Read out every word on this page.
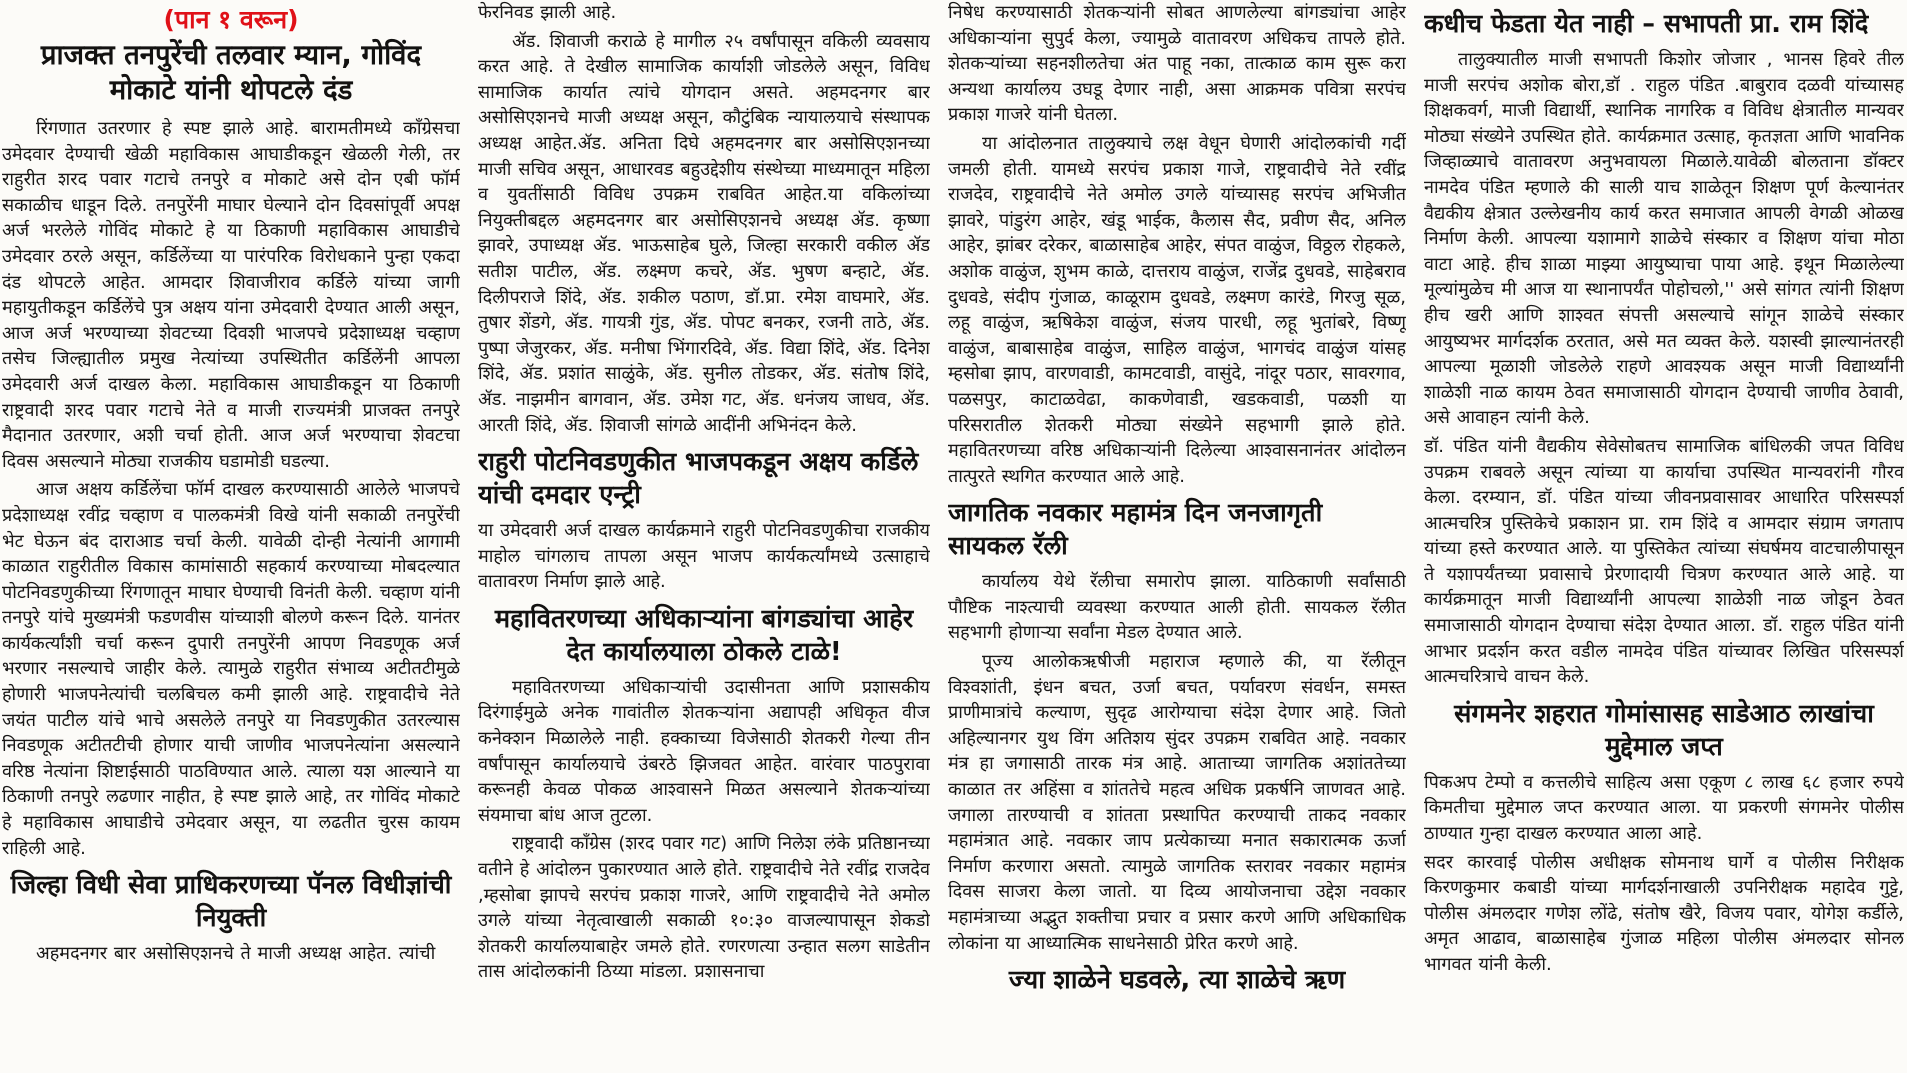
(पान १ वरून)
प्राजक्त तनपुरेंची तलवार म्यान, गोविंद मोकाटे यांनी थोपटले दंड

रिंगणात उतरणार हे स्पष्ट झाले आहे. बारामतीमध्ये काँग्रेसचा उमेदवार देण्याची खेळी महाविकास आघाडीकडून खेळली गेली, तर राहुरीत शरद पवार गटाचे तनपुरे व मोकाटे असे दोन एबी फॉर्म सकाळीच धाडून दिले. तनपुरेंनी माघार घेल्याने दोन दिवसांपूर्वी अपक्ष अर्ज भरलेले गोविंद मोकाटे हे या ठिकाणी महाविकास आघाडीचे उमेदवार ठरले असून, कर्डिलेंच्या या पारंपरिक विरोधकाने पुन्हा एकदा दंड थोपटले आहेत. आमदार शिवाजीराव कर्डिले यांच्या जागी महायुतीकडून कर्डिलेंचे पुत्र अक्षय यांना उमेदवारी देण्यात आली असून, आज अर्ज भरण्याच्या शेवटच्या दिवशी भाजपचे प्रदेशाध्यक्ष चव्हाण तसेच जिल्ह्यातील प्रमुख नेत्यांच्या उपस्थितीत कर्डिलेंनी आपला उमेदवारी अर्ज दाखल केला. महाविकास आघाडीकडून या ठिकाणी राष्ट्रवादी शरद पवार गटाचे नेते व माजी राज्यमंत्री प्राजक्त तनपुरे मैदानात उतरणार, अशी चर्चा होती. आज अर्ज भरण्याचा शेवटचा दिवस असल्याने मोठ्या राजकीय घडामोडी घडल्या.

आज अक्षय कर्डिलेंचा फॉर्म दाखल करण्यासाठी आलेले भाजपचे प्रदेशाध्यक्ष रवींद्र चव्हाण व पालकमंत्री विखे यांनी सकाळी तनपुरेंची भेट घेऊन बंद दाराआड चर्चा केली. यावेळी दोन्ही नेत्यांनी आगामी काळात राहुरीतील विकास कामांसाठी सहकार्य करण्याच्या मोबदल्यात पोटनिवडणुकीच्या रिंगणातून माघार घेण्याची विनंती केली. चव्हाण यांनी तनपुरे यांचे मुख्यमंत्री फडणवीस यांच्याशी बोलणे करून दिले. यानंतर कार्यकर्त्यांशी चर्चा करून दुपारी तनपुरेंनी आपण निवडणूक अर्ज भरणार नसल्याचे जाहीर केले. त्यामुळे राहुरीत संभाव्य अटीतटीमुळे होणारी भाजपनेत्यांची चलबिचल कमी झाली आहे. राष्ट्रवादीचे नेते जयंत पाटील यांचे भाचे असलेले तनपुरे या निवडणुकीत उतरल्यास निवडणूक अटीतटीची होणार याची जाणीव भाजपनेत्यांना असल्याने वरिष्ठ नेत्यांना शिष्टाईसाठी पाठविण्यात आले. त्याला यश आल्याने या ठिकाणी तनपुरे लढणार नाहीत, हे स्पष्ट झाले आहे, तर गोविंद मोकाटे हे महाविकास आघाडीचे उमेदवार असून, या लढतीत चुरस कायम राहिली आहे.

जिल्हा विधी सेवा प्राधिकरणच्या पॅनल विधीज्ञांची नियुक्ती

अहमदनगर बार असोसिएशनचे ते माजी अध्यक्ष आहेत. त्यांची

फेरनिवड झाली आहे.

ॲड. शिवाजी कराळे हे मागील २५ वर्षांपासून वकिली व्यवसाय करत आहे. ते देखील सामाजिक कार्याशी जोडलेले असून, विविध सामाजिक कार्यात त्यांचे योगदान असते. अहमदनगर बार असोसिएशनचे माजी अध्यक्ष असून, कौटुंबिक न्यायालयाचे संस्थापक अध्यक्ष आहेत.ॲड. अनिता दिघे अहमदनगर बार असोसिएशनच्या माजी सचिव असून, आधारवड बहुउद्देशीय संस्थेच्या माध्यमातून महिला व युवतींसाठी विविध उपक्रम राबवित आहेत.या वकिलांच्या नियुक्तीबद्दल अहमदनगर बार असोसिएशनचे अध्यक्ष ॲड. कृष्णा झावरे, उपाध्यक्ष ॲड. भाऊसाहेब घुले, जिल्हा सरकारी वकील ॲड सतीश पाटील, ॲड. लक्ष्मण कचरे, ॲड. भुषण बन्हाटे, ॲड. दिलीपराजे शिंदे, ॲड. शकील पठाण, डॉ.प्रा. रमेश वाघमारे, ॲड. तुषार शेंडगे, ॲड. गायत्री गुंड, ॲड. पोपट बनकर, रजनी ताठे, ॲड. पुष्पा जेजुरकर, ॲड. मनीषा भिंगारदिवे, ॲड. विद्या शिंदे, ॲड. दिनेश शिंदे, ॲड. प्रशांत साळुंके, ॲड. सुनील तोडकर, ॲड. संतोष शिंदे, ॲड. नाझमीन बागवान, ॲड. उमेश गट, ॲड. धनंजय जाधव, ॲड. आरती शिंदे, ॲड. शिवाजी सांगळे आदींनी अभिनंदन केले.

राहुरी पोटनिवडणुकीत भाजपकडून अक्षय कर्डिले यांची दमदार एन्ट्री

या उमेदवारी अर्ज दाखल कार्यक्रमाने राहुरी पोटनिवडणुकीचा राजकीय माहोल चांगलाच तापला असून भाजप कार्यकर्त्यांमध्ये उत्साहाचे वातावरण निर्माण झाले आहे.

महावितरणच्या अधिकाऱ्यांना बांगड्यांचा आहेर देत कार्यालयाला ठोकले टाळे!

महावितरणच्या अधिकाऱ्यांची उदासीनता आणि प्रशासकीय दिरंगाईमुळे अनेक गावांतील शेतकऱ्यांना अद्यापही अधिकृत वीज कनेक्शन मिळालेले नाही. हक्काच्या विजेसाठी शेतकरी गेल्या तीन वर्षांपासून कार्यालयाचे उंबरठे झिजवत आहेत. वारंवार पाठपुरावा करूनही केवळ पोकळ आश्वासने मिळत असल्याने शेतकऱ्यांच्या संयमाचा बांध आज तुटला.

राष्ट्रवादी काँग्रेस (शरद पवार गट) आणि निलेश लंके प्रतिष्ठानच्या वतीने हे आंदोलन पुकारण्यात आले होते. राष्ट्रवादीचे नेते रवींद्र राजदेव ,म्हसोबा झापचे सरपंच प्रकाश गाजरे, आणि राष्ट्रवादीचे नेते अमोल उगले यांच्या नेतृत्वाखाली सकाळी १०:३० वाजल्यापासून शेकडो शेतकरी कार्यालयाबाहेर जमले होते. रणरणत्या उन्हात सलग साडेतीन तास आंदोलकांनी ठिय्या मांडला. प्रशासनाचा

निषेध करण्यासाठी शेतकऱ्यांनी सोबत आणलेल्या बांगड्यांचा आहेर अधिकाऱ्यांना सुपुर्द केला, ज्यामुळे वातावरण अधिकच तापले होते. शेतकऱ्यांच्या सहनशीलतेचा अंत पाहू नका, तात्काळ काम सुरू करा अन्यथा कार्यालय उघडू देणार नाही, असा आक्रमक पवित्रा सरपंच प्रकाश गाजरे यांनी घेतला.

या आंदोलनात तालुक्याचे लक्ष वेधून घेणारी आंदोलकांची गर्दी जमली होती. यामध्ये सरपंच प्रकाश गाजे, राष्ट्रवादीचे नेते रवींद्र राजदेव, राष्ट्रवादीचे नेते अमोल उगले यांच्यासह सरपंच अभिजीत झावरे, पांडुरंग आहेर, खंडू भाईक, कैलास सैद, प्रवीण सैद, अनिल आहेर, झांबर दरेकर, बाळासाहेब आहेर, संपत वाळुंज, विठ्ठल रोहकले, अशोक वाळुंज, शुभम काळे, दात्तराय वाळुंज, राजेंद्र दुधवडे, साहेबराव दुधवडे, संदीप गुंजाळ, काळूराम दुधवडे, लक्ष्मण कारंडे, गिरजु सूळ, लहू वाळुंज, ऋषिकेश वाळुंज, संजय पारधी, लहू भुतांबरे, विष्णू वाळुंज, बाबासाहेब वाळुंज, साहिल वाळुंज, भागचंद वाळुंज यांसह म्हसोबा झाप, वारणवाडी, कामटवाडी, वासुंदे, नांदूर पठार, सावरगाव, पळसपुर, काटाळवेढा, काकणेवाडी, खडकवाडी, पळशी या परिसरातील शेतकरी मोठ्या संख्येने सहभागी झाले होते. महावितरणच्या वरिष्ठ अधिकाऱ्यांनी दिलेल्या आश्वासनानंतर आंदोलन तात्पुरते स्थगित करण्यात आले आहे.

जागतिक नवकार महामंत्र दिन जनजागृती सायकल रॅली

कार्यालय येथे रॅलीचा समारोप झाला. याठिकाणी सर्वांसाठी पौष्टिक नाश्त्याची व्यवस्था करण्यात आली होती. सायकल रॅलीत सहभागी होणाऱ्या सर्वांना मेडल देण्यात आले.

पूज्य आलोकऋषीजी महाराज म्हणाले की, या रॅलीतून विश्वशांती, इंधन बचत, उर्जा बचत, पर्यावरण संवर्धन, समस्त प्राणीमात्रांचे कल्याण, सुदृढ आरोग्याचा संदेश देणार आहे. जितो अहिल्यानगर युथ विंग अतिशय सुंदर उपक्रम राबवित आहे. नवकार मंत्र हा जगासाठी तारक मंत्र आहे. आताच्या जागतिक अशांततेच्या काळात तर अहिंसा व शांततेचे महत्व अधिक प्रकर्षनि जाणवत आहे. जगाला तारण्याची व शांतता प्रस्थापित करण्याची ताकद नवकार महामंत्रात आहे. नवकार जाप प्रत्येकाच्या मनात सकारात्मक ऊर्जा निर्माण करणारा असतो. त्यामुळे जागतिक स्तरावर नवकार महामंत्र दिवस साजरा केला जातो. या दिव्य आयोजनाचा उद्देश नवकार महामंत्राच्या अद्भुत शक्तीचा प्रचार व प्रसार करणे आणि अधिकाधिक लोकांना या आध्यात्मिक साधनेसाठी प्रेरित करणे आहे.

ज्या शाळेने घडवले, त्या शाळेचे ऋण
कधीच फेडता येत नाही – सभापती प्रा. राम शिंदे

तालुक्यातील माजी सभापती किशोर जोजार , भानस हिवरे तील माजी सरपंच अशोक बोरा,डॉ . राहुल पंडित .बाबुराव दळवी यांच्यासह शिक्षकवर्ग, माजी विद्यार्थी, स्थानिक नागरिक व विविध क्षेत्रातील मान्यवर मोठ्या संख्येने उपस्थित होते. कार्यक्रमात उत्साह, कृतज्ञता आणि भावनिक जिव्हाळ्याचे वातावरण अनुभवायला मिळाले.यावेळी बोलताना डॉक्टर नामदेव पंडित म्हणाले की साली याच शाळेतून शिक्षण पूर्ण केल्यानंतर वैद्यकीय क्षेत्रात उल्लेखनीय कार्य करत समाजात आपली वेगळी ओळख निर्माण केली. आपल्या यशामागे शाळेचे संस्कार व शिक्षण यांचा मोठा वाटा आहे. हीच शाळा माझ्या आयुष्याचा पाया आहे. इथून मिळालेल्या मूल्यांमुळेच मी आज या स्थानापर्यंत पोहोचलो,'' असे सांगत त्यांनी शिक्षण हीच खरी आणि शाश्वत संपत्ती असल्याचे सांगून शाळेचे संस्कार आयुष्यभर मार्गदर्शक ठरतात, असे मत व्यक्त केले. यशस्वी झाल्यानंतरही आपल्या मूळाशी जोडलेले राहणे आवश्यक असून माजी विद्यार्थ्यांनी शाळेशी नाळ कायम ठेवत समाजासाठी योगदान देण्याची जाणीव ठेवावी, असे आवाहन त्यांनी केले.

डॉ. पंडित यांनी वैद्यकीय सेवेसोबतच सामाजिक बांधिलकी जपत विविध उपक्रम राबवले असून त्यांच्या या कार्याचा उपस्थित मान्यवरांनी गौरव केला. दरम्यान, डॉ. पंडित यांच्या जीवनप्रवासावर आधारित परिसस्पर्श आत्मचरित्र पुस्तिकेचे प्रकाशन प्रा. राम शिंदे व आमदार संग्राम जगताप यांच्या हस्ते करण्यात आले. या पुस्तिकेत त्यांच्या संघर्षमय वाटचालीपासून ते यशापर्यंतच्या प्रवासाचे प्रेरणादायी चित्रण करण्यात आले आहे. या कार्यक्रमातून माजी विद्यार्थ्यांनी आपल्या शाळेशी नाळ जोडून ठेवत समाजासाठी योगदान देण्याचा संदेश देण्यात आला. डॉ. राहुल पंडित यांनी आभार प्रदर्शन करत वडील नामदेव पंडित यांच्यावर लिखित परिसस्पर्श आत्मचरित्राचे वाचन केले.

संगमनेर शहरात गोमांसासह साडेआठ लाखांचा मुद्देमाल जप्त

पिकअप टेम्पो व कत्तलीचे साहित्य असा एकूण ८ लाख ६८ हजार रुपये किमतीचा मुद्देमाल जप्त करण्यात आला. या प्रकरणी संगमनेर पोलीस ठाण्यात गुन्हा दाखल करण्यात आला आहे.

सदर कारवाई पोलीस अधीक्षक सोमनाथ घार्गे व पोलीस निरीक्षक किरणकुमार कबाडी यांच्या मार्गदर्शनाखाली उपनिरीक्षक महादेव गुट्टे, पोलीस अंमलदार गणेश लोंढे, संतोष खैरे, विजय पवार, योगेश कर्डीले, अमृत आढाव, बाळासाहेब गुंजाळ महिला पोलीस अंमलदार सोनल भागवत यांनी केली.
